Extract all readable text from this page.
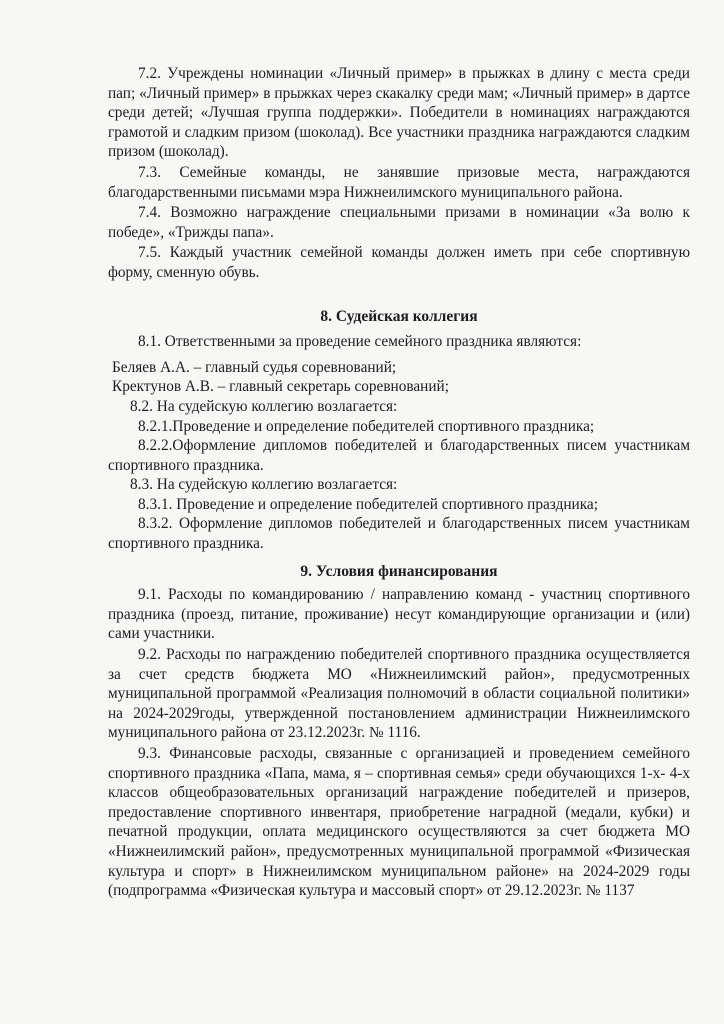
7.2. Учреждены номинации «Личный пример» в прыжках в длину с места среди пап; «Личный пример» в прыжках через скакалку среди мам; «Личный пример» в дартсе среди детей; «Лучшая группа поддержки». Победители в номинациях награждаются грамотой и сладким призом (шоколад). Все участники праздника награждаются сладким призом (шоколад).

7.3. Семейные команды, не занявшие призовые места, награждаются благодарственными письмами мэра Нижнеилимского муниципального района.

7.4. Возможно награждение специальными призами в номинации «За волю к победе», «Трижды папа».

7.5. Каждый участник семейной команды должен иметь при себе спортивную форму, сменную обувь.

8. Судейская коллегия

8.1. Ответственными за проведение семейного праздника являются:

Беляев А.А. – главный судья соревнований;

Кректунов А.В. – главный секретарь соревнований;

8.2. На судейскую коллегию возлагается:

8.2.1.Проведение и определение победителей спортивного праздника;

8.2.2.Оформление дипломов победителей и благодарственных писем участникам спортивного праздника.

8.3. На судейскую коллегию возлагается:

8.3.1. Проведение и определение победителей спортивного праздника;

8.3.2. Оформление дипломов победителей и благодарственных писем участникам спортивного праздника.

9. Условия финансирования

9.1. Расходы по командированию / направлению команд - участниц спортивного праздника (проезд, питание, проживание) несут командирующие организации и (или) сами участники.

9.2. Расходы по награждению победителей спортивного праздника осуществляется за счет средств бюджета МО «Нижнеилимский район», предусмотренных муниципальной программой «Реализация полномочий в области социальной политики» на 2024-2029годы, утвержденной постановлением администрации Нижнеилимского муниципального района от 23.12.2023г. № 1116.

9.3. Финансовые расходы, связанные с организацией и проведением семейного спортивного праздника «Папа, мама, я – спортивная семья» среди обучающихся 1-х- 4-х классов общеобразовательных организаций награждение победителей и призеров, предоставление спортивного инвентаря, приобретение наградной (медали, кубки) и печатной продукции, оплата медицинского осуществляются за счет бюджета МО «Нижнеилимский район», предусмотренных муниципальной программой «Физическая культура и спорт» в Нижнеилимском муниципальном районе» на 2024-2029 годы (подпрограмма «Физическая культура и массовый спорт» от 29.12.2023г. № 1137
